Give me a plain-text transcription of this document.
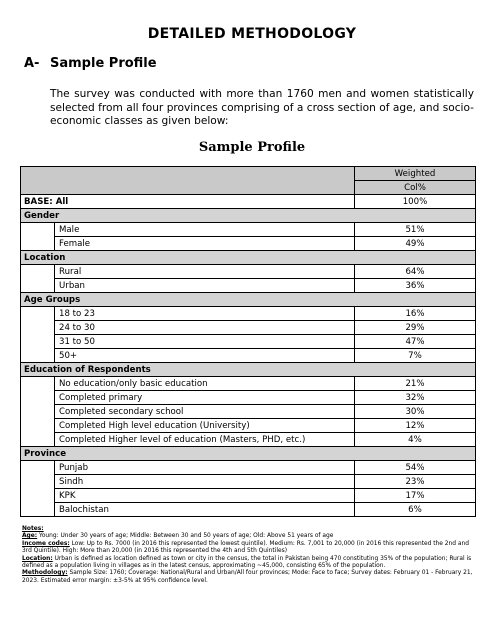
DETAILED METHODOLOGY
A- Sample Profile
The survey was conducted with more than 1760 men and women statistically selected from all four provinces comprising of a cross section of age, and socio-economic classes as given below:
Sample Profile
		Weighted
		Col%
BASE: All		100%
Gender		
	Male	51%
	Female	49%
Location		
	Rural	64%
	Urban	36%
Age Groups		
	18 to 23	16%
	24 to 30	29%
	31 to 50	47%
	50+	7%
Education of Respondents		
	No education/only basic education	21%
	Completed primary	32%
	Completed secondary school	30%
	Completed High level education (University)	12%
	Completed Higher level of education (Masters, PHD, etc.)	4%
Province		
	Punjab	54%
	Sindh	23%
	KPK	17%
	Balochistan	6%

Notes:

Age: Young: Under 30 years of age; Middle: Between 30 and 50 years of age; Old: Above 51 years of age

Income codes: Low: Up to Rs. 7000 (in 2016 this represented the lowest quintile). Medium: Rs. 7,001 to 20,000 (in 2016 this represented the 2nd and 3rd Quintile). High: More than 20,000 (in 2016 this represented the 4th and 5th Quintiles)

Location: Urban is defined as location defined as town or city in the census, the total in Pakistan being 470 constituting 35% of the population; Rural is defined as a population living in villages as in the latest census, approximating ~45,000, consisting 65% of the population.

Methodology: Sample Size: 1760; Coverage: National/Rural and Urban/All four provinces; Mode: Face to face; Survey dates: February 01 - February 21, 2023. Estimated error margin: ±3-5% at 95% confidence level.
